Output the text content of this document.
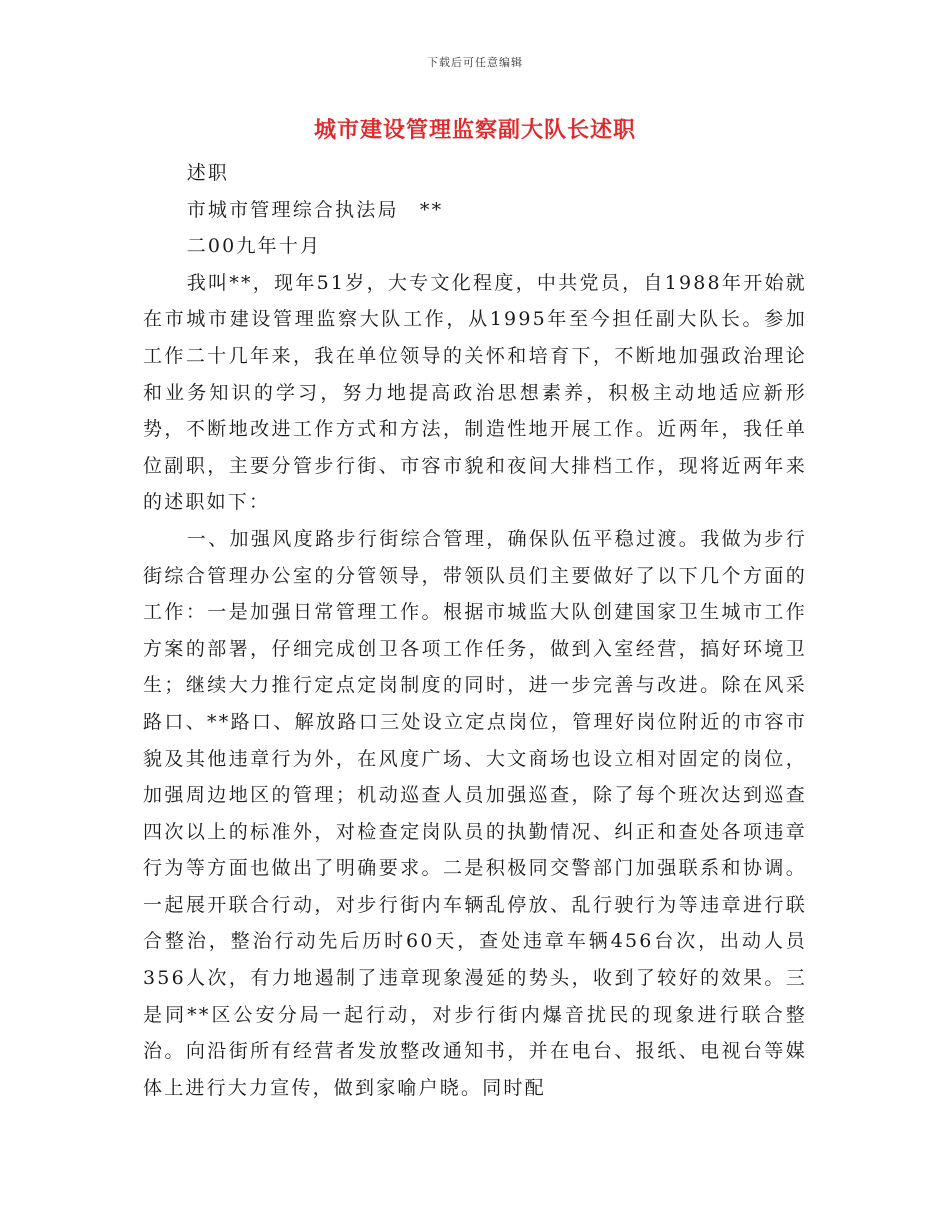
下载后可任意编辑
城市建设管理监察副大队长述职

述职

市城市管理综合执法局　**

二00九年十月

我叫**，现年51岁，大专文化程度，中共党员，自1988年开始就在市城市建设管理监察大队工作，从1995年至今担任副大队长。参加工作二十几年来，我在单位领导的关怀和培育下，不断地加强政治理论和业务知识的学习，努力地提高政治思想素养，积极主动地适应新形势，不断地改进工作方式和方法，制造性地开展工作。近两年，我任单位副职，主要分管步行街、市容市貌和夜间大排档工作，现将近两年来的述职如下：

一、加强风度路步行街综合管理，确保队伍平稳过渡。我做为步行街综合管理办公室的分管领导，带领队员们主要做好了以下几个方面的工作：一是加强日常管理工作。根据市城监大队创建国家卫生城市工作方案的部署，仔细完成创卫各项工作任务，做到入室经营，搞好环境卫生；继续大力推行定点定岗制度的同时，进一步完善与改进。除在风采路口、**路口、解放路口三处设立定点岗位，管理好岗位附近的市容市貌及其他违章行为外，在风度广场、大文商场也设立相对固定的岗位，加强周边地区的管理；机动巡查人员加强巡查，除了每个班次达到巡查四次以上的标准外，对检查定岗队员的执勤情况、纠正和查处各项违章行为等方面也做出了明确要求。二是积极同交警部门加强联系和协调。一起展开联合行动，对步行街内车辆乱停放、乱行驶行为等违章进行联合整治，整治行动先后历时60天，查处违章车辆456台次，出动人员356人次，有力地遏制了违章现象漫延的势头，收到了较好的效果。三是同**区公安分局一起行动，对步行街内爆音扰民的现象进行联合整治。向沿街所有经营者发放整改通知书，并在电台、报纸、电视台等媒体上进行大力宣传，做到家喻户晓。同时配
